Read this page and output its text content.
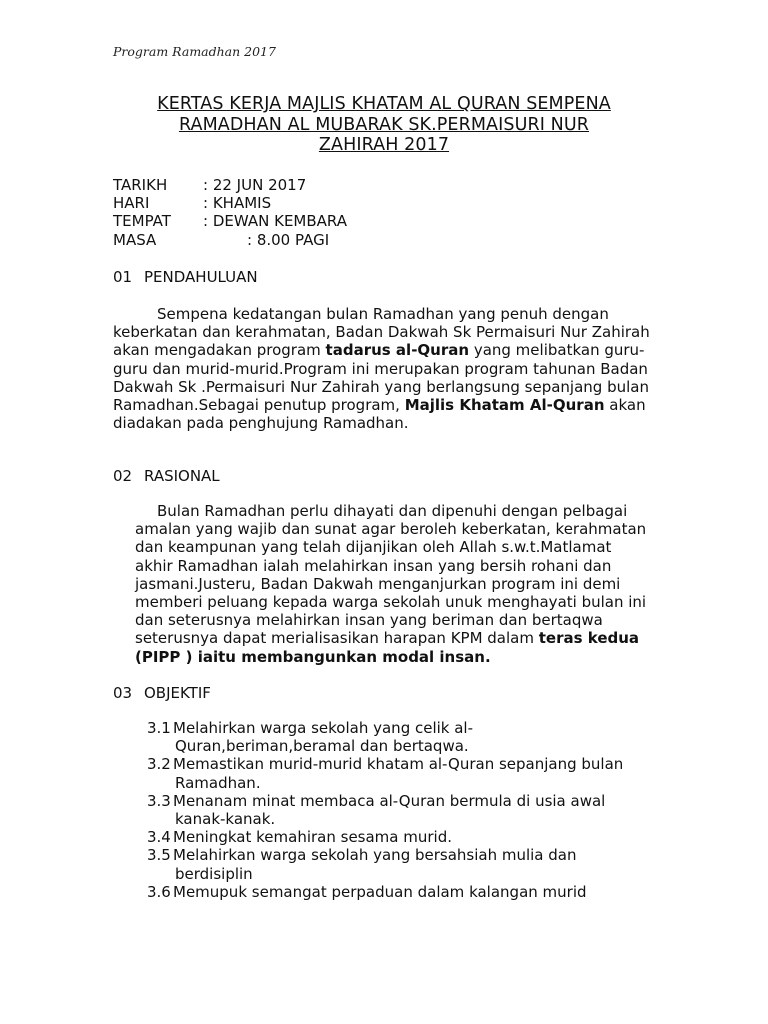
Program Ramadhan 2017
KERTAS KERJA MAJLIS KHATAM AL QURAN SEMPENA
RAMADHAN AL MUBARAK SK.PERMAISURI NUR
ZAHIRAH 2017
TARIKH : 22 JUN 2017
HARI	: KHAMIS
TEMPAT : DEWAN KEMBARA
MASA	: 8.00 PAGI
01 PENDAHULUAN
Sempena kedatangan bulan Ramadhan yang penuh dengan
keberkatan dan kerahmatan, Badan Dakwah Sk Permaisuri Nur Zahirah
akan mengadakan program tadarus al-Quran yang melibatkan guru-
guru dan murid-murid.Program ini merupakan program tahunan Badan
Dakwah Sk .Permaisuri Nur Zahirah yang berlangsung sepanjang bulan
Ramadhan.Sebagai penutup program, Majlis Khatam Al-Quran akan
diadakan pada penghujung Ramadhan.
02 RASIONAL
Bulan Ramadhan perlu dihayati dan dipenuhi dengan pelbagai
amalan yang wajib dan sunat agar beroleh keberkatan, kerahmatan
dan keampunan yang telah dijanjikan oleh Allah s.w.t.Matlamat
akhir Ramadhan ialah melahirkan insan yang bersih rohani dan
jasmani.Justeru, Badan Dakwah menganjurkan program ini demi
memberi peluang kepada warga sekolah unuk menghayati bulan ini
dan seterusnya melahirkan insan yang beriman dan bertaqwa
seterusnya dapat merialisasikan harapan KPM dalam teras kedua
(PIPP ) iaitu membangunkan modal insan.
03 OBJEKTIF
3.1 Melahirkan warga sekolah yang celik al-
Quran,beriman,beramal dan bertaqwa.
3.2 Memastikan murid-murid khatam al-Quran sepanjang bulan
Ramadhan.
3.3 Menanam minat membaca al-Quran bermula di usia awal
kanak-kanak.
3.4 Meningkat kemahiran sesama murid.
3.5 Melahirkan warga sekolah yang bersahsiah mulia dan
berdisiplin
3.6 Memupuk semangat perpaduan dalam kalangan murid
